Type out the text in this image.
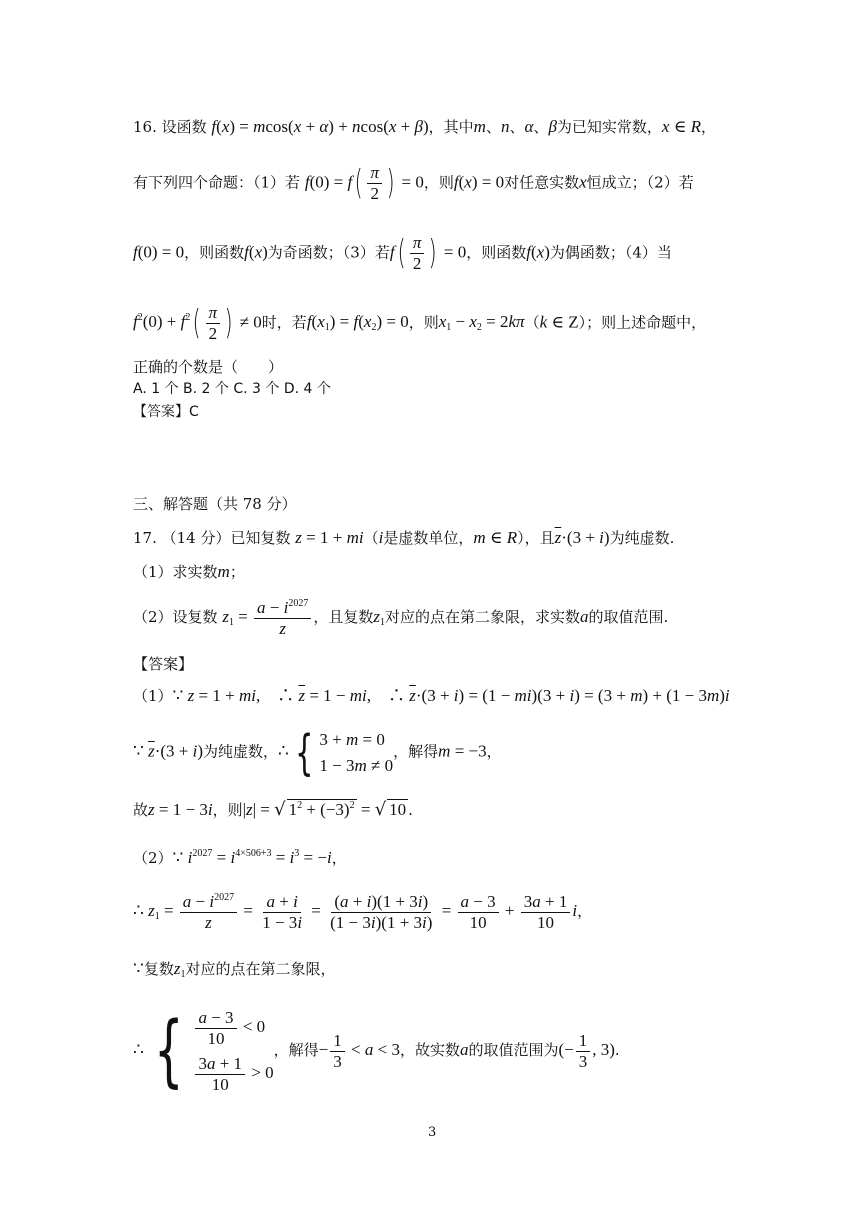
16. 设函数 f(x) = mcos(x + α) + ncos(x + β)，其中m、n、α、β为已知实常数，x ∈ R，
有下列四个命题：（1）若 $f(0) = f( \frac{\pi}{2}$ ) = 0，则f(x) = 0对任意实数x恒成立；（2）若
f(0) = 0，则函数f(x)为奇函数；（3）若$f( \frac{\pi}{2}$ ) = 0，则函数f(x)为偶函数；（4）当
$f^2(0) + f^2( \frac{\pi}{2}$ ) ≠ 0时，若$f(x_1) = f(x_2) = 0$，则$x_1 - x_2 = 2k\pi(k$ ∈ Z）；则上述命题中，
正确的个数是（　　）
A. 1 个 B. 2 个 C. 3 个 D. 4 个
【答案】C
三、解答题（共 78 分）
17. （14 分）已知复数 z = 1 + mi（i是虚数单位，m ∈ R），且$\overline{z}\cdot(3 + i)$为纯虚数.
（1）求实数m；
（2）设复数 $z_1 = \frac{a - i^{2027}}{z}$ ，且复数$z_1$对应的点在第二象限，求实数a的取值范围.
【答案】
（1）∵ z = 1 + mi,　∴ $\overline{z} = 1$ − mi,　∴ $\overline{z}\cdot(3 + i) = (1 - mi)(3 + i) = (3 + m) + (1 - 3m)i$
∵ $\overline{z}\cdot(3 + i)$为纯虚数，∴ { 3 + m = 0
1 − 3m ≠ 0
，解得m = −3，
故z = 1 − 3i，则|z| = √ $1^2 + (-3)^2$ = √ 10 .
（2）∵ $i^{2027} = i^{4\times 506+3} = i^3 = -i$，
∴ $z_1 = \frac{a - i^{2027}}{z} = \frac{a + i}{1 - 3i} = \frac{(a + i)(1 + 3i)}{(1 - 3i)(1 + 3i)} = \frac{a - 3}{10} + \frac{3a + 1}{10}$ i，
∵复数$z_1$对应的点在第二象限，
∴ { $\frac{a - 3}{10} < 0$
$\frac{3a + 1}{10} > 0$
，解得− $\frac{1}{3} < a < 3$，故实数a的取值范围为(− $\frac{1}{3}$ , 3).
3
